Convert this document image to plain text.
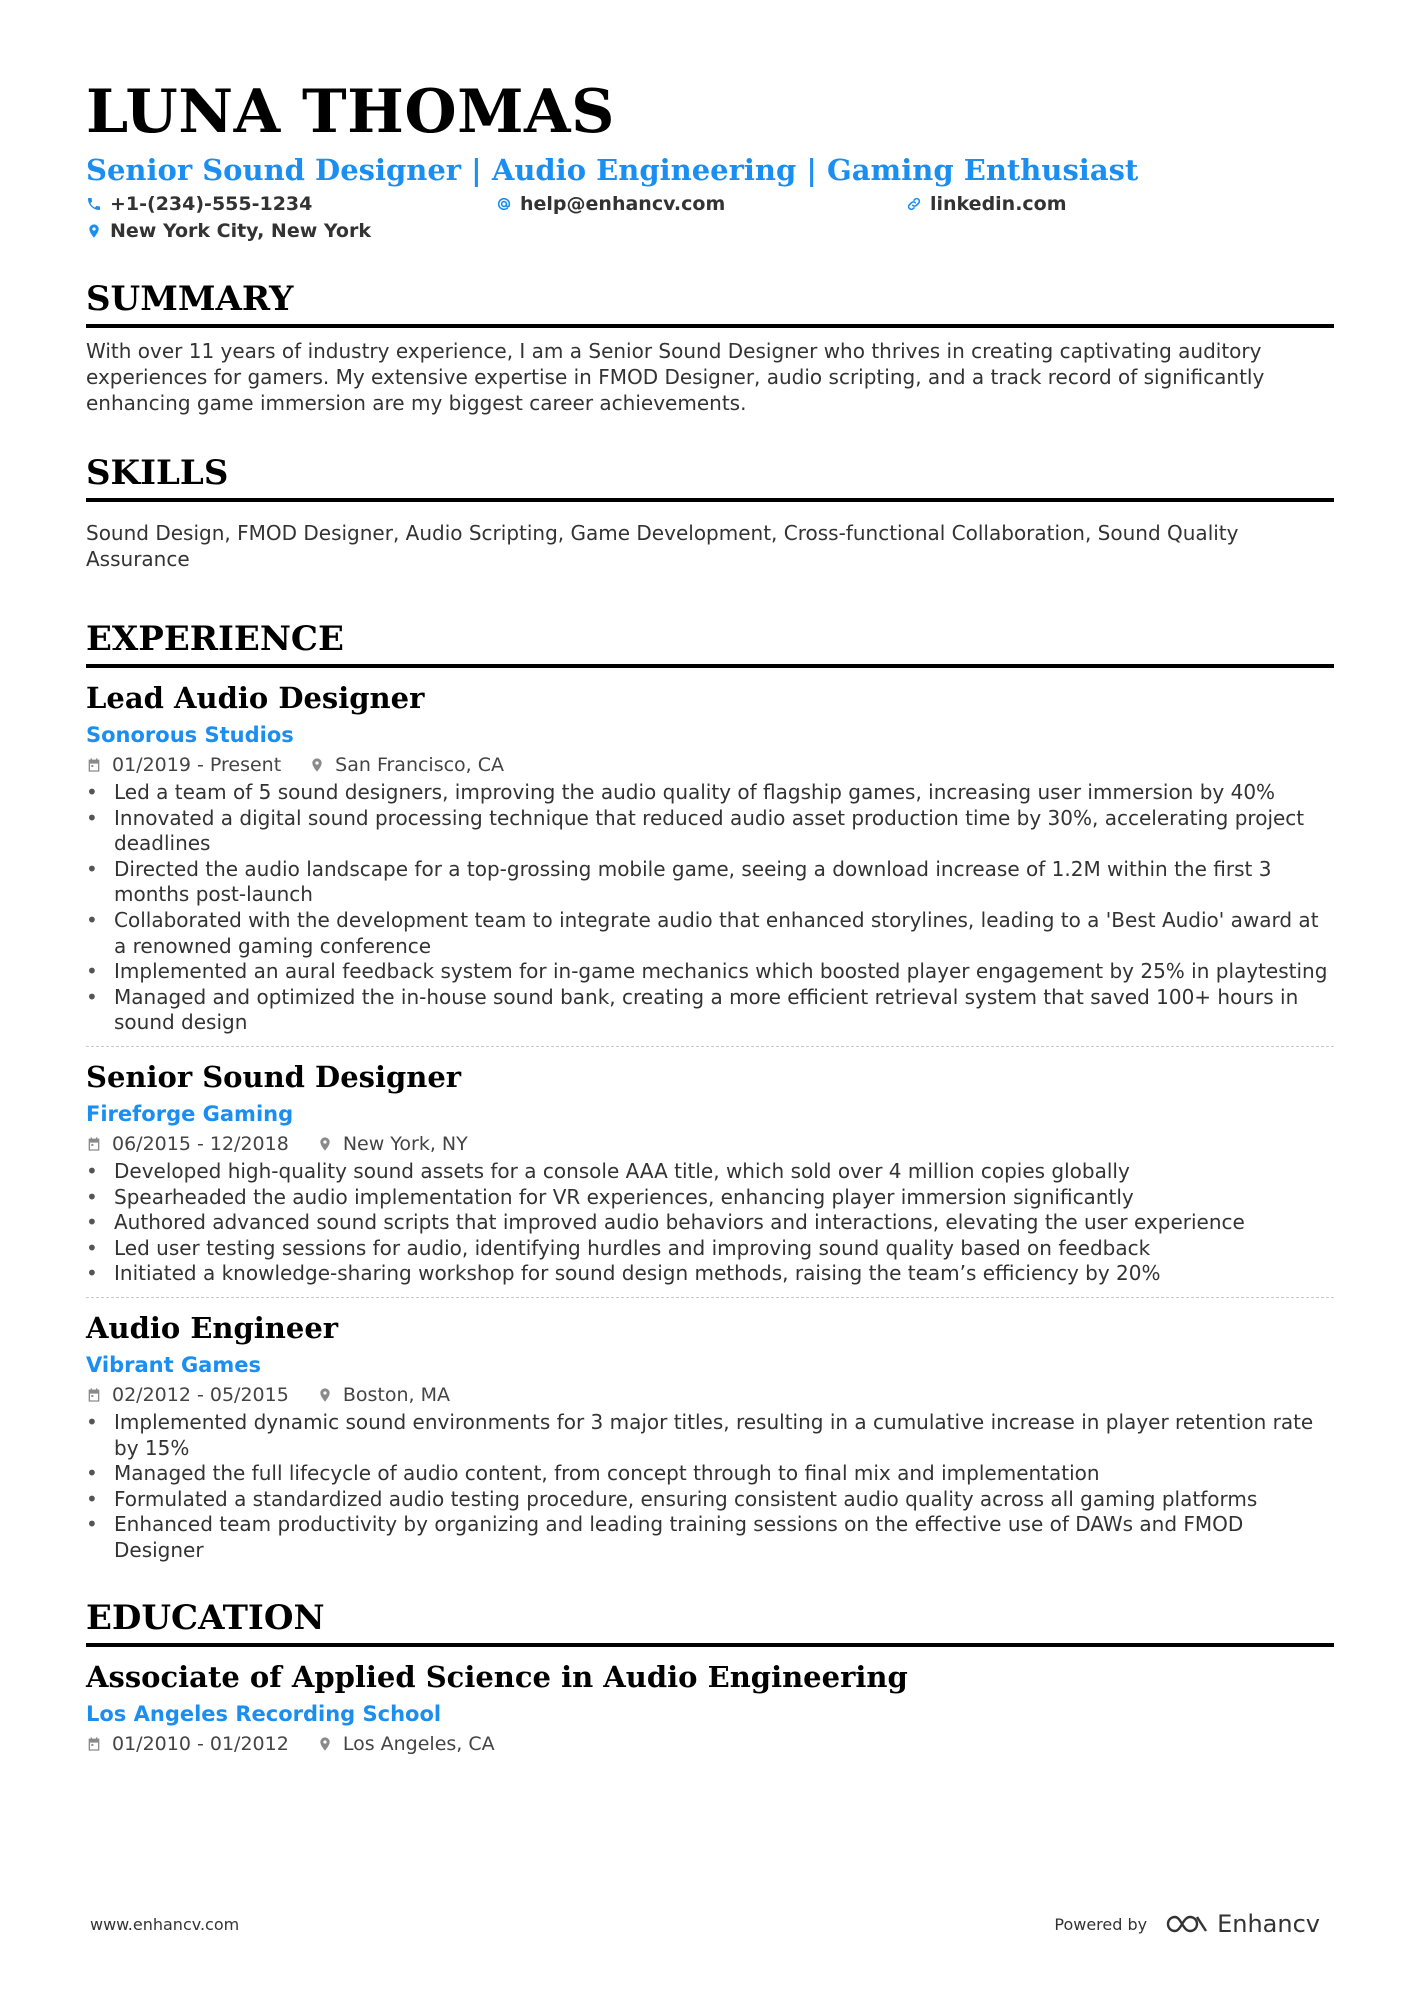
LUNA THOMAS
Senior Sound Designer | Audio Engineering | Gaming Enthusiast
+1-(234)-555-1234	help@enhancv.com	linkedin.com
New York City, New York
SUMMARY

With over 11 years of industry experience, I am a Senior Sound Designer who thrives in creating captivating auditory experiences for gamers. My extensive expertise in FMOD Designer, audio scripting, and a track record of significantly enhancing game immersion are my biggest career achievements.

SKILLS

Sound Design, FMOD Designer, Audio Scripting, Game Development, Cross-functional Collaboration, Sound Quality Assurance

EXPERIENCE
Lead Audio Designer
Sonorous Studios
01/2019 - Present	San Francisco, CA
• Led a team of 5 sound designers, improving the audio quality of flagship games, increasing user immersion by 40%
• Innovated a digital sound processing technique that reduced audio asset production time by 30%, accelerating project deadlines
• Directed the audio landscape for a top-grossing mobile game, seeing a download increase of 1.2M within the first 3 months post-launch
• Collaborated with the development team to integrate audio that enhanced storylines, leading to a 'Best Audio' award at a renowned gaming conference
• Implemented an aural feedback system for in-game mechanics which boosted player engagement by 25% in playtesting
• Managed and optimized the in-house sound bank, creating a more efficient retrieval system that saved 100+ hours in sound design
Senior Sound Designer
Fireforge Gaming
06/2015 - 12/2018	New York, NY
• Developed high-quality sound assets for a console AAA title, which sold over 4 million copies globally
• Spearheaded the audio implementation for VR experiences, enhancing player immersion significantly
• Authored advanced sound scripts that improved audio behaviors and interactions, elevating the user experience
• Led user testing sessions for audio, identifying hurdles and improving sound quality based on feedback
• Initiated a knowledge-sharing workshop for sound design methods, raising the team’s efficiency by 20%
Audio Engineer
Vibrant Games
02/2012 - 05/2015	Boston, MA
• Implemented dynamic sound environments for 3 major titles, resulting in a cumulative increase in player retention rate by 15%
• Managed the full lifecycle of audio content, from concept through to final mix and implementation
• Formulated a standardized audio testing procedure, ensuring consistent audio quality across all gaming platforms
• Enhanced team productivity by organizing and leading training sessions on the effective use of DAWs and FMOD Designer
EDUCATION
Associate of Applied Science in Audio Engineering
Los Angeles Recording School
01/2010 - 01/2012	Los Angeles, CA
www.enhancv.com	Powered by	Enhancv
